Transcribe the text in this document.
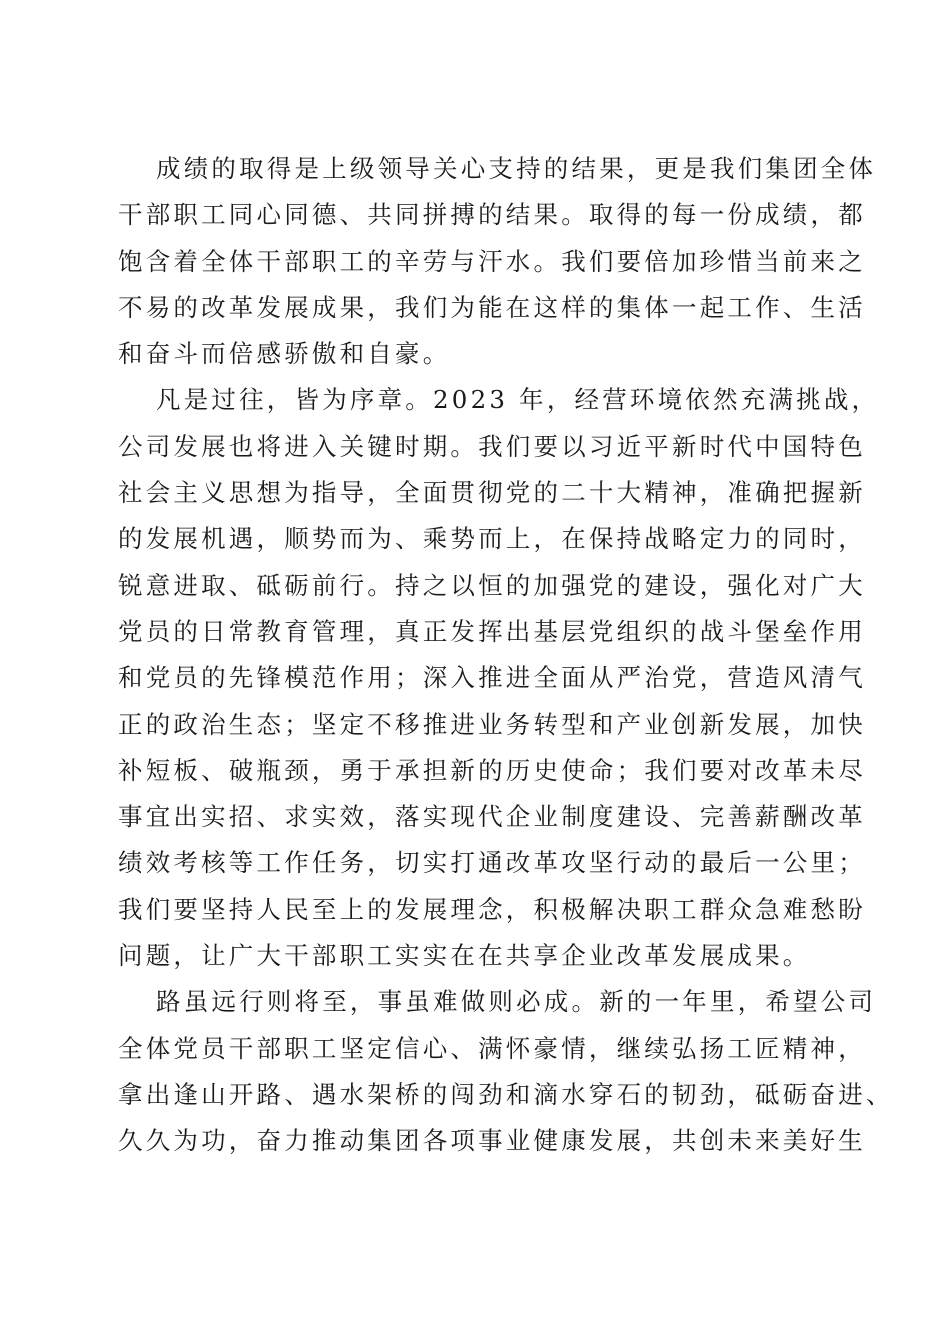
成绩的取得是上级领导关心支持的结果，更是我们集团全体
干部职工同心同德、共同拼搏的结果。取得的每一份成绩，都
饱含着全体干部职工的辛劳与汗水。我们要倍加珍惜当前来之
不易的改革发展成果，我们为能在这样的集体一起工作、生活
和奋斗而倍感骄傲和自豪。

凡是过往，皆为序章。2023 年，经营环境依然充满挑战，
公司发展也将进入关键时期。我们要以习近平新时代中国特色
社会主义思想为指导，全面贯彻党的二十大精神，准确把握新
的发展机遇，顺势而为、乘势而上，在保持战略定力的同时，
锐意进取、砥砺前行。持之以恒的加强党的建设，强化对广大
党员的日常教育管理，真正发挥出基层党组织的战斗堡垒作用
和党员的先锋模范作用；深入推进全面从严治党，营造风清气
正的政治生态；坚定不移推进业务转型和产业创新发展，加快
补短板、破瓶颈，勇于承担新的历史使命；我们要对改革未尽
事宜出实招、求实效，落实现代企业制度建设、完善薪酬改革
绩效考核等工作任务，切实打通改革攻坚行动的最后一公里；
我们要坚持人民至上的发展理念，积极解决职工群众急难愁盼
问题，让广大干部职工实实在在共享企业改革发展成果。

路虽远行则将至，事虽难做则必成。新的一年里，希望公司
全体党员干部职工坚定信心、满怀豪情，继续弘扬工匠精神，
拿出逢山开路、遇水架桥的闯劲和滴水穿石的韧劲，砥砺奋进、
久久为功，奋力推动集团各项事业健康发展，共创未来美好生
